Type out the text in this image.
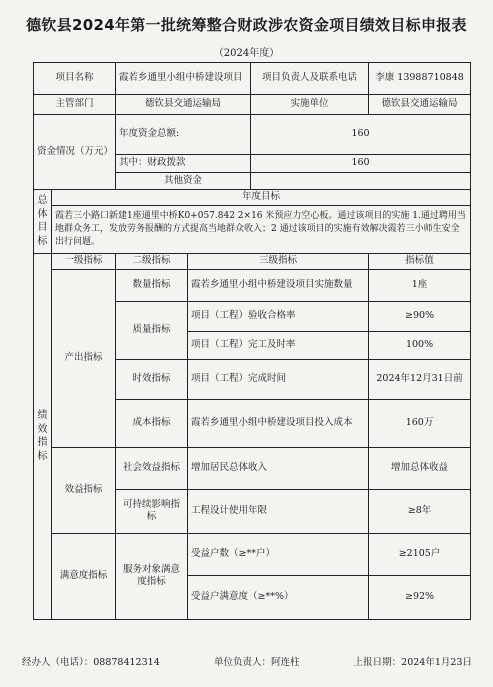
德钦县2024年第一批统筹整合财政涉农资金项目绩效目标申报表
（2024年度）
项目名称		霞若乡通里小组中桥建设项目		项目负责人及联系电话	李康 13988710848
主管部门		德钦县交通运输局		实施单位	德钦县交通运输局
资金情况（万元）		年度资金总额:		160	
		其中：财政拨款		160	
		其他资金			
总体目标	年度目标				
	霞若三小路口新建1座通里中桥K0+057.842 2×16 米预应力空心板。通过该项目的实施 1.通过聘用当地群众务工，发放劳务报酬的方式提高当地群众收入；2 通过该项目的实施有效解决霞若三小师生安全出行问题。				
绩效指标	一级指标	二级指标	三级指标		指标值
	产出指标	数量指标	霞若乡通里小组中桥建设项目实施数量		1座
		质量指标	项目（工程）验收合格率		≥90%
			项目（工程）完工及时率		100%
		时效指标	项目（工程）完成时间		2024年12月31日前
		成本指标	霞若乡通里小组中桥建设项目投入成本		160万
	效益指标	社会效益指标	增加居民总体收入		增加总体收益
		可持续影响指标	工程设计使用年限		≥8年
	满意度指标	服务对象满意度指标	受益户数（≥**户）		≥2105户
			受益户满意度（≥**%）		≥92%
经办人（电话）：08878412314	单位负责人：阿连柱	上报日期：2024年1月23日
